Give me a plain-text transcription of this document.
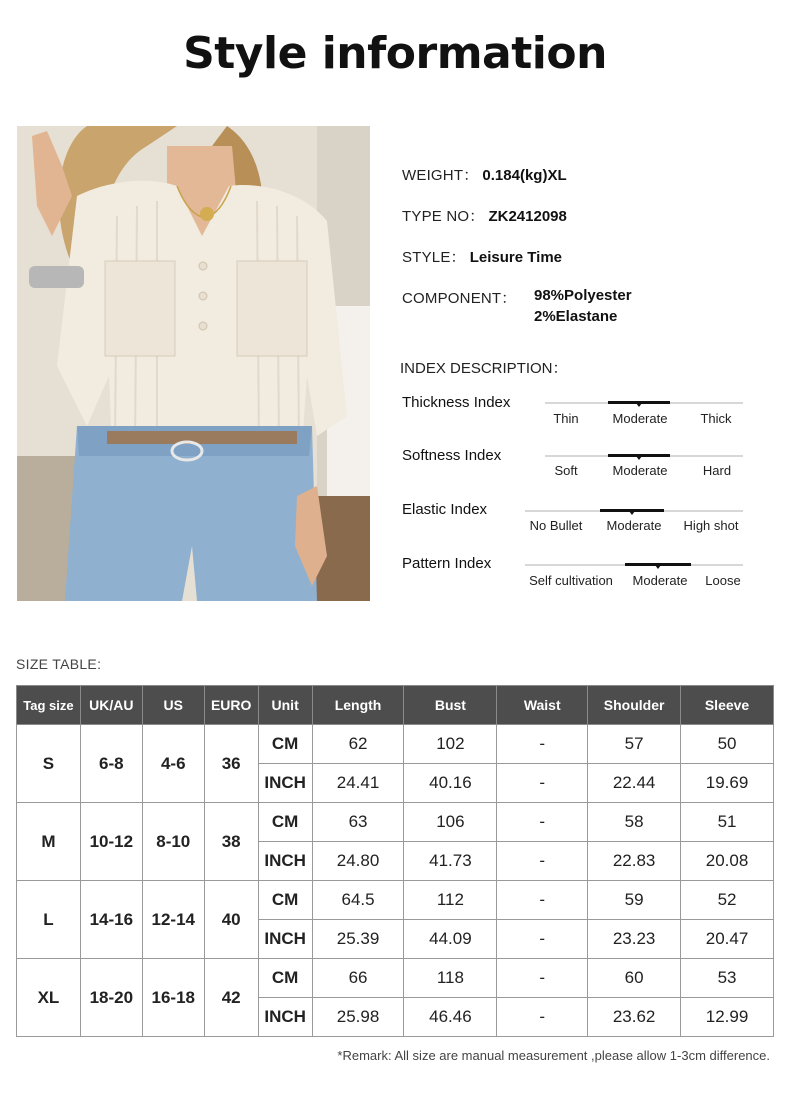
Style information
WEIGHT： 0.184(kg)XL
TYPE NO： ZK2412098
STYLE： Leisure Time
COMPONENT： 98%Polyester
2%Elastane
INDEX DESCRIPTION：
Thickness Index
Thin	Moderate	Thick
Softness Index
Soft	Moderate	Hard
Elastic Index
No Bullet Moderate High shot
Pattern Index
Self cultivation Moderate Loose
SIZE TABLE:
Tag size	UK/AU	US	EURO	Unit	Length	Bust	Waist	Shoulder	Sleeve
S	6-8	4-6	36	CM	62	102	-	57	50
				INCH	24.41	40.16	-	22.44	19.69
M	10-12	8-10	38	CM	63	106	-	58	51
				INCH	24.80	41.73	-	22.83	20.08
L	14-16	12-14	40	CM	64.5	112	-	59	52
				INCH	25.39	44.09	-	23.23	20.47
XL	18-20	16-18	42	CM	66	118	-	60	53
				INCH	25.98	46.46	-	23.62	12.99
*Remark: All size are manual measurement ,please allow 1-3cm difference.
